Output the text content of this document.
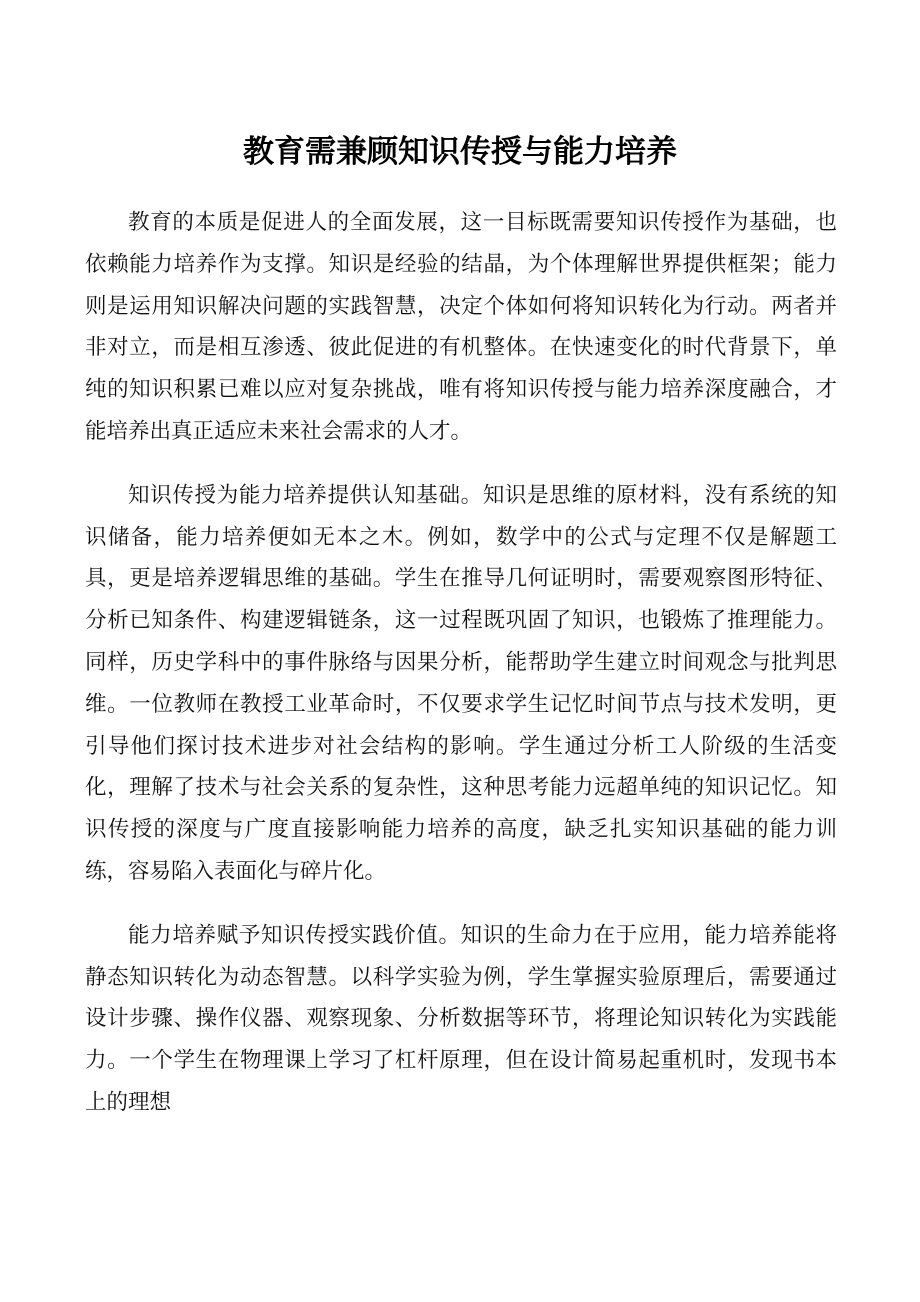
教育需兼顾知识传授与能力培养

教育的本质是促进人的全面发展，这一目标既需要知识传授作为基础，也依赖能力培养作为支撑。知识是经验的结晶，为个体理解世界提供框架；能力则是运用知识解决问题的实践智慧，决定个体如何将知识转化为行动。两者并非对立，而是相互渗透、彼此促进的有机整体。在快速变化的时代背景下，单纯的知识积累已难以应对复杂挑战，唯有将知识传授与能力培养深度融合，才能培养出真正适应未来社会需求的人才。

知识传授为能力培养提供认知基础。知识是思维的原材料，没有系统的知识储备，能力培养便如无本之木。例如，数学中的公式与定理不仅是解题工具，更是培养逻辑思维的基础。学生在推导几何证明时，需要观察图形特征、分析已知条件、构建逻辑链条，这一过程既巩固了知识，也锻炼了推理能力。同样，历史学科中的事件脉络与因果分析，能帮助学生建立时间观念与批判思维。一位教师在教授工业革命时，不仅要求学生记忆时间节点与技术发明，更引导他们探讨技术进步对社会结构的影响。学生通过分析工人阶级的生活变化，理解了技术与社会关系的复杂性，这种思考能力远超单纯的知识记忆。知识传授的深度与广度直接影响能力培养的高度，缺乏扎实知识基础的能力训练，容易陷入表面化与碎片化。

能力培养赋予知识传授实践价值。知识的生命力在于应用，能力培养能将静态知识转化为动态智慧。以科学实验为例，学生掌握实验原理后，需要通过设计步骤、操作仪器、观察现象、分析数据等环节，将理论知识转化为实践能力。一个学生在物理课上学习了杠杆原理，但在设计简易起重机时，发现书本上的理想
